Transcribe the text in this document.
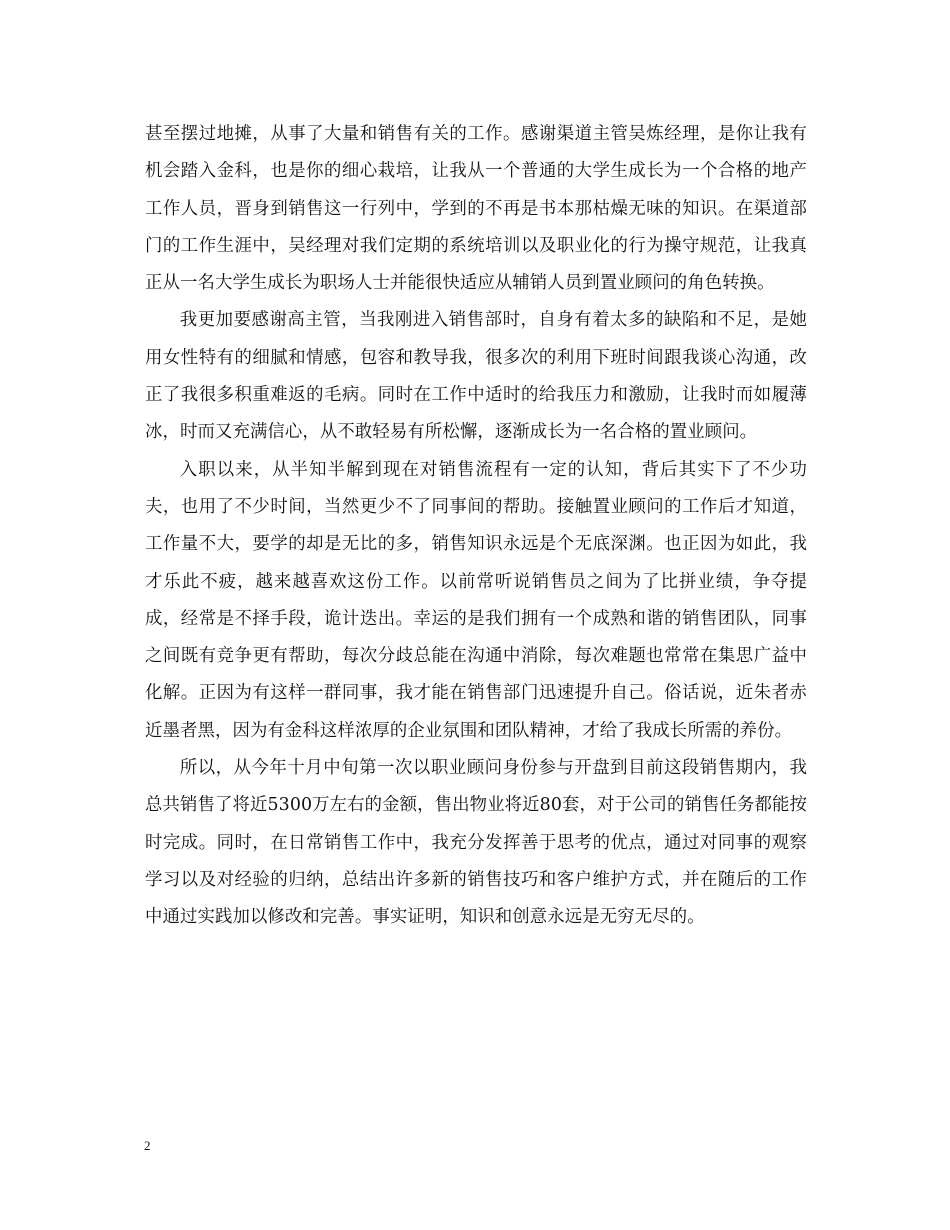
甚至摆过地摊，从事了大量和销售有关的工作。感谢渠道主管吴炼经理，是你让我有机会踏入金科，也是你的细心栽培，让我从一个普通的大学生成长为一个合格的地产工作人员，晋身到销售这一行列中，学到的不再是书本那枯燥无味的知识。在渠道部门的工作生涯中，吴经理对我们定期的系统培训以及职业化的行为操守规范，让我真正从一名大学生成长为职场人士并能很快适应从辅销人员到置业顾问的角色转换。

我更加要感谢高主管，当我刚进入销售部时，自身有着太多的缺陷和不足，是她用女性特有的细腻和情感，包容和教导我，很多次的利用下班时间跟我谈心沟通，改正了我很多积重难返的毛病。同时在工作中适时的给我压力和激励，让我时而如履薄冰，时而又充满信心，从不敢轻易有所松懈，逐渐成长为一名合格的置业顾问。

入职以来，从半知半解到现在对销售流程有一定的认知，背后其实下了不少功夫，也用了不少时间，当然更少不了同事间的帮助。接触置业顾问的工作后才知道，工作量不大，要学的却是无比的多，销售知识永远是个无底深渊。也正因为如此，我才乐此不疲，越来越喜欢这份工作。以前常听说销售员之间为了比拼业绩，争夺提成，经常是不择手段，诡计迭出。幸运的是我们拥有一个成熟和谐的销售团队，同事之间既有竞争更有帮助，每次分歧总能在沟通中消除，每次难题也常常在集思广益中化解。正因为有这样一群同事，我才能在销售部门迅速提升自己。俗话说，近朱者赤近墨者黑，因为有金科这样浓厚的企业氛围和团队精神，才给了我成长所需的养份。

所以，从今年十月中旬第一次以职业顾问身份参与开盘到目前这段销售期内，我总共销售了将近5300万左右的金额，售出物业将近80套，对于公司的销售任务都能按时完成。同时，在日常销售工作中，我充分发挥善于思考的优点，通过对同事的观察学习以及对经验的归纳，总结出许多新的销售技巧和客户维护方式，并在随后的工作中通过实践加以修改和完善。事实证明，知识和创意永远是无穷无尽的。

2
